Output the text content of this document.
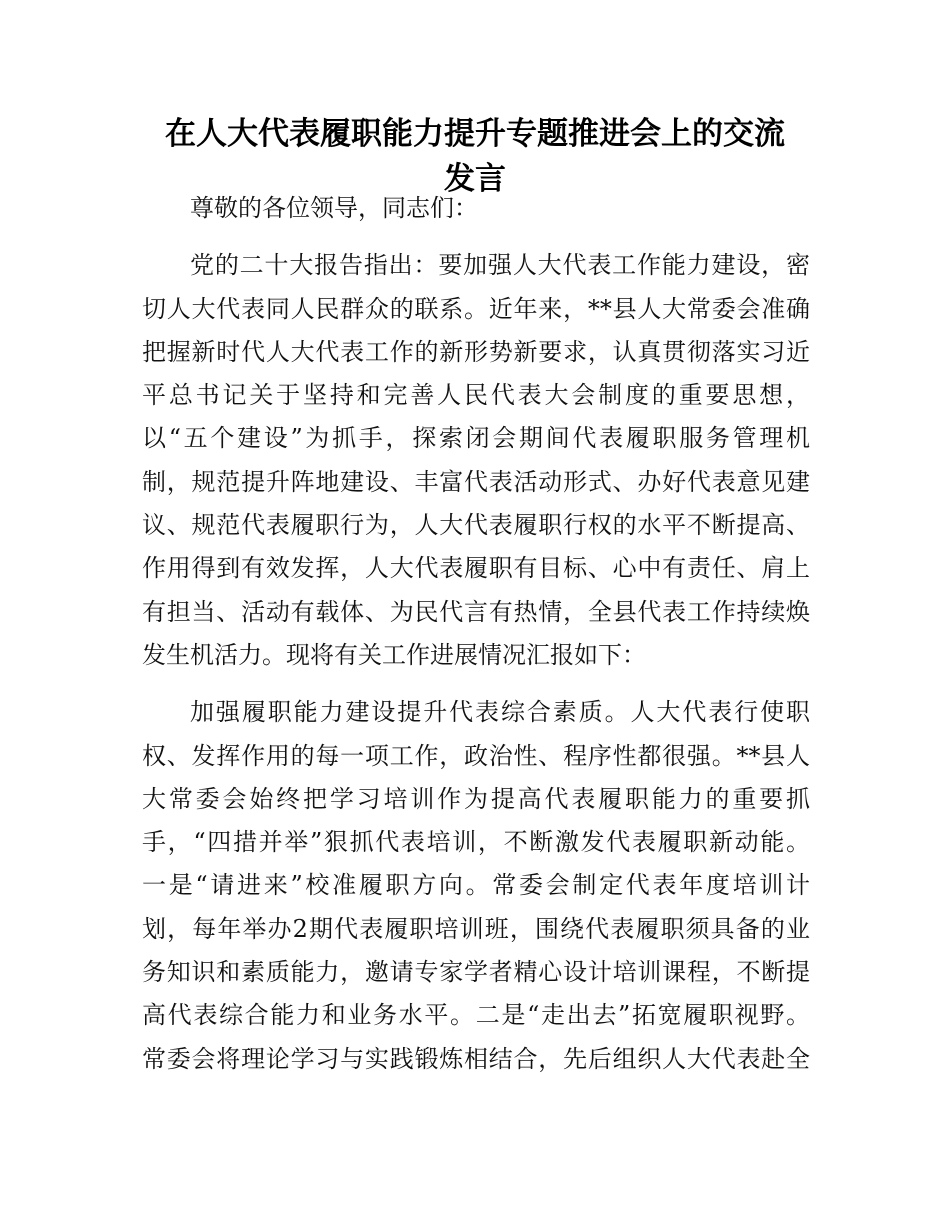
在人大代表履职能力提升专题推进会上的交流
发言
尊敬的各位领导，同志们：
党的二十大报告指出：要加强人大代表工作能力建设，密
切人大代表同人民群众的联系。近年来，**县人大常委会准确
把握新时代人大代表工作的新形势新要求，认真贯彻落实习近
平总书记关于坚持和完善人民代表大会制度的重要思想，
以“五个建设”为抓手，探索闭会期间代表履职服务管理机
制，规范提升阵地建设、丰富代表活动形式、办好代表意见建
议、规范代表履职行为，人大代表履职行权的水平不断提高、
作用得到有效发挥，人大代表履职有目标、心中有责任、肩上
有担当、活动有载体、为民代言有热情，全县代表工作持续焕
发生机活力。现将有关工作进展情况汇报如下：
加强履职能力建设提升代表综合素质。人大代表行使职
权、发挥作用的每一项工作，政治性、程序性都很强。**县人
大常委会始终把学习培训作为提高代表履职能力的重要抓
手，“四措并举”狠抓代表培训，不断激发代表履职新动能。
一是“请进来”校准履职方向。常委会制定代表年度培训计
划，每年举办2期代表履职培训班，围绕代表履职须具备的业
务知识和素质能力，邀请专家学者精心设计培训课程，不断提
高代表综合能力和业务水平。二是“走出去”拓宽履职视野。
常委会将理论学习与实践锻炼相结合，先后组织人大代表赴全
